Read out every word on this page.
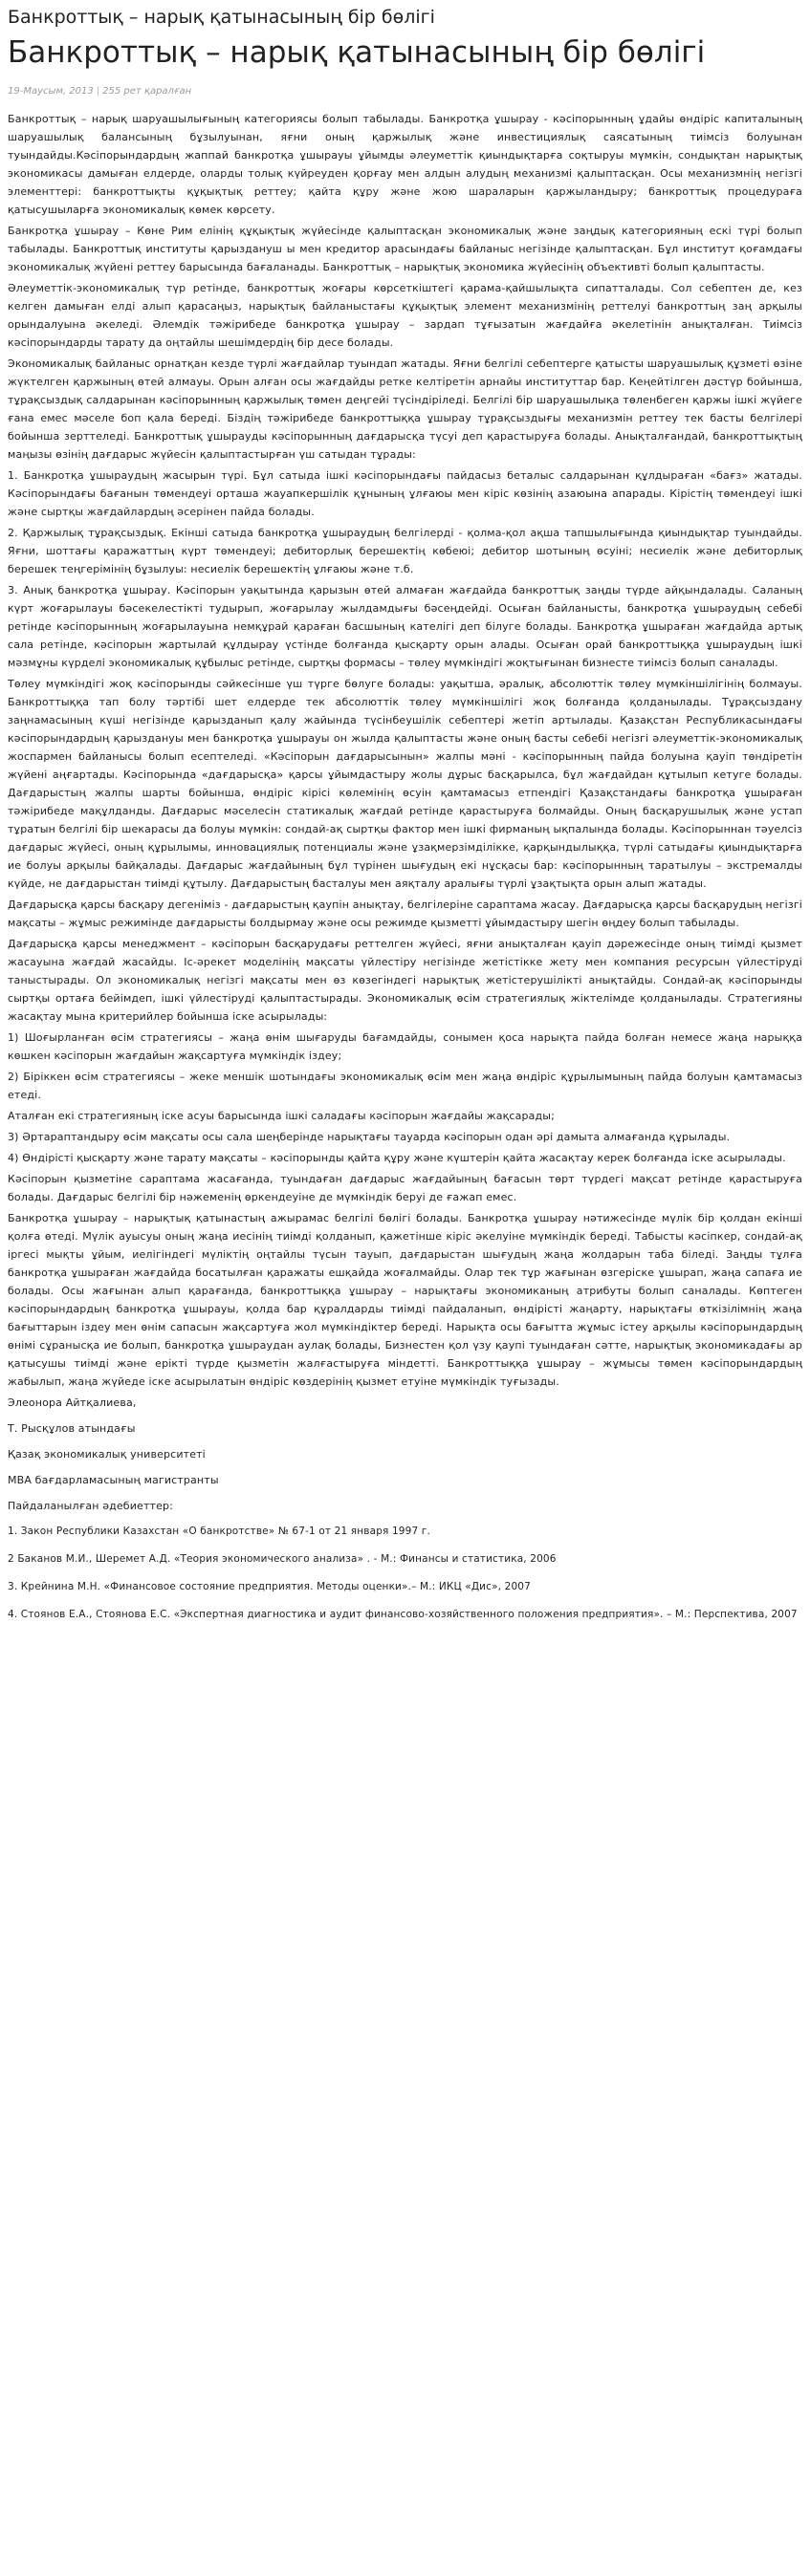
Банкроттық – нарық қатынасының бір бөлігі
Банкроттық – нарық қатынасының бір бөлігі
19-Маусым, 2013 | 255 рет қаралған

Банкроттық – нарық шаруашылығының категориясы болып табылады. Банкротқа ұшырау - кәсіпорынның ұдайы өндіріс капиталының шаруашылық балансының бұзылуынан, яғни оның қаржылық және инвестициялық саясатының тиімсіз болуынан туындайды.Кәсіпорындардың жаппай банкротқа ұшырауы ұйымды әлеуметтік қиындықтарға соқтыруы мүмкін, сондықтан нарықтық экономикасы дамыған елдерде, оларды толық күйреуден қорғау мен алдын алудың механизмі қалыптасқан. Осы механизмнің негізгі элементтері: банкроттықты құқықтық реттеу; қайта құру және жою шараларын қаржыландыру; банкроттық процедураға қатысушыларға экономикалық көмек көрсету.

Банкротқа ұшырау – Көне Рим елінің құқықтық жүйесінде қалыптасқан экономикалық және заңдық категорияның ескі түрі болып табылады. Банкроттық институты қарыздануш ы мен кредитор арасындағы байланыс негізінде қалыптасқан. Бұл институт қоғамдағы экономикалық жүйені реттеу барысында бағаланады. Банкроттық – нарықтық экономика жүйесінің объективті болып қалыптасты.

Әлеуметтік-экономикалық түр ретінде, банкроттық жоғары көрсеткіштегі қарама-қайшылықта сипатталады. Сол себептен де, кез келген дамыған елді алып қарасаңыз, нарықтық байланыстағы құқықтық элемент механизмінің реттелуі банкроттың заң арқылы орындалуына әкеледі. Әлемдік тәжірибеде банкротқа ұшырау – зардап тұғызатын жағдайға әкелетінін анықталған. Тиімсіз кәсіпорындарды тарату да оңтайлы шешімдердің бір десе болады.

Экономикалық байланыс орнатқан кезде түрлі жағдайлар туындап жатады. Яғни белгілі себептерге қатысты шаруашылық құзметі өзіне жүктелген қаржының өтей алмауы. Орын алған осы жағдайды ретке келтіретін арнайы институттар бар. Кеңейтілген дәстүр бойынша, тұрақсыздық салдарынан кәсіпорынның қаржылық төмен деңгейі түсіндіріледі. Белгілі бір шаруашылықа төленбеген қаржы ішкі жүйеге ғана емес мәселе боп қала береді. Біздің тәжірибеде банкроттыққа ұшырау тұрақсыздығы механизмін реттеу тек басты белгілері бойынша зерттеледі. Банкроттық ұшырауды кәсіпорынның дағдарысқа түсуі деп қарастыруға болады. Анықталғандай, банкроттықтың маңызы өзінің дағдарыс жүйесін қалыптастырған үш сатыдан тұрады:

1. Банкротқа ұшыраудың жасырын түрі. Бұл сатыда ішкі кәсіпорындағы пайдасыз беталыс салдарынан құлдыраған «бағз» жатады. Кәсіпорындағы бағанын төмендеуі орташа жауапкершілік құнының ұлғаюы мен кіріс көзінің азаюына апарады. Кірістің төмендеуі ішкі және сыртқы жағдайлардың әсерінен пайда болады.

2. Қаржылық тұрақсыздық. Екінші сатыда банкротқа ұшыраудың белгілерді - қолма-қол ақша тапшылығында қиындықтар туындайды. Яғни, шоттағы қаражаттың күрт төмендеуі; дебиторлық берешектің көбеюі; дебитор шотының өсуіні; несиелік және дебиторлық берешек теңгерімінің бұзылуы: несиелік берешектің ұлғаюы және т.б.

3. Анық банкротқа ұшырау. Кәсіпорын уақытында қарызын өтей алмаған жағдайда банкроттық заңды түрде айқындалады. Саланың күрт жоғарылауы бәсекелестікті тудырып, жоғарылау жылдамдығы бәсеңдейді. Осыған байланысты, банкротқа ұшыраудың себебі ретінде кәсіпорынның жоғарылауына немқұрай қараған басшының кателігі деп білуге болады. Банкротқа ұшыраған жағдайда артық сала ретінде, кәсіпорын жартылай құлдырау үстінде болғанда қысқарту орын алады. Осыған орай банкроттыққа ұшыраудың ішкі мәзмұны күрделі экономикалық құбылыс ретінде, сыртқы формасы – төлеу мүмкіндігі жоқтығынан бизнесте тиімсіз болып саналады.

Төлеу мүмкіндігі жоқ кәсіпорынды сәйкесінше үш түрге бөлуге болады: уақытша, әралық, абсолюттік төлеу мүмкіншілігінің болмауы. Банкроттыққа тап болу тәртібі шет елдерде тек абсолюттік төлеу мүмкіншілігі жоқ болғанда қолданылады. Тұрақсыздану заңнамасының күші негізінде қарызданып қалу жайында түсінбеушілік себептері жетіп артылады. Қазақстан Республикасындағы кәсіпорындардың қарыздануы мен банкротқа ұшырауы он жылда қалыптасты және оның басты себебі негізгі әлеуметтік-экономикалық жоспармен байланысы болып есептеледі. «Кәсіпорын дағдарысынын» жалпы мәні - кәсіпорынның пайда болуына қауіп төндіретін жүйені аңғартады. Кәсіпорында «дағдарысқа» қарсы ұйымдастыру жолы дұрыс басқарылса, бұл жағдайдан құтылып кетуге болады. Дағдарыстың жалпы шарты бойынша, өндіріс кірісі көлемінің өсуін қамтамасыз етпендігі Қазақстандағы банкротқа ұшыраған тәжірибеде мақұлданды. Дағдарыс мәселесін статикалық жағдай ретінде қарастыруға болмайды. Оның басқарушылық және устап тұратын белгілі бір шекарасы да болуы мүмкін: сондай-ақ сыртқы фактор мен ішкі фирманың ықпалында болады. Кәсіпорыннан тәуелсіз дағдарыс жүйесі, оның құрылымы, инновациялық потенциалы және ұзақмерзімділікке, қарқындылыққа, түрлі сатыдағы қиындықтарға ие болуы арқылы байқалады. Дағдарыс жағдайының бұл түрінен шығудың екі нұсқасы бар: кәсіпорынның таратылуы – экстремалды күйде, не дағдарыстан тиімді құтылу. Дағдарыстың басталуы мен аяқталу аралығы түрлі ұзақтықта орын алып жатады.

Дағдарысқа қарсы басқару дегеніміз - дағдарыстың қаупін анықтау, белгілеріне сараптама жасау. Дағдарысқа қарсы басқарудың негізгі мақсаты – жұмыс режимінде дағдарысты болдырмау және осы режимде қызметті ұйымдастыру шегін өңдеу болып табылады.

Дағдарысқа қарсы менеджмент – кәсіпорын басқарудағы реттелген жүйесі, яғни анықталған қауіп дәрежесінде оның тиімді қызмет жасауына жағдай жасайды. Іс-әрекет моделінің мақсаты үйлестіру негізінде жетістікке жету мен компания ресурсын үйлестіруді таныстырады. Ол экономикалық негізгі мақсаты мен өз көзегіндегі нарықтық жетістерушілікті анықтайды. Сондай-ақ кәсіпорынды сыртқы ортаға бейімдеп, ішкі үйлестіруді қалыптастырады. Экономикалық өсім стратегиялық жіктелімде қолданылады. Стратегияны жасақтау мына критерийлер бойынша іске асырылады:

1) Шоғырланған өсім стратегиясы – жаңа өнім шығаруды бағамдайды, сонымен қоса нарықта пайда болған немесе жаңа нарыққа көшкен кәсіпорын жағдайын жақсартуға мүмкіндік іздеу;

2) Біріккен өсім стратегиясы – жеке меншік шотындағы экономикалық өсім мен жаңа өндіріс құрылымының пайда болуын қамтамасыз етеді.

Аталған екі стратегияның іске асуы барысында ішкі саладағы кәсіпорын жағдайы жақсарады;

3) Әртараптандыру өсім мақсаты осы сала шеңберінде нарықтағы тауарда кәсіпорын одан әрі дамыта алмағанда құрылады.

4) Өндірісті қысқарту және тарату мақсаты – кәсіпорынды қайта құру және күштерін қайта жасақтау керек болғанда іске асырылады.

Кәсіпорын қызметіне сараптама жасағанда, туындаған дағдарыс жағдайының бағасын төрт түрдегі мақсат ретінде қарастыруға болады. Дағдарыс белгілі бір нәжеменің өркендеуіне де мүмкіндік беруі де ғажап емес.

Банкротқа ұшырау – нарықтық қатынастың ажырамас белгілі бөлігі болады. Банкротқа ұшырау нәтижесінде мүлік бір қолдан екінші қолға өтеді. Мүлік ауысуы оның жаңа иесінің тиімді қолданып, қажетінше кіріс әкелуіне мүмкіндік береді. Табысты кәсіпкер, сондай-ақ іргесі мықты ұйым, иелігіндегі мүліктің оңтайлы түсын тауып, дағдарыстан шығудың жаңа жолдарын таба біледі. Заңды тұлға банкротқа ұшыраған жағдайда босатылған қаражаты ешқайда жоғалмайды. Олар тек тұр жағынан өзгеріске ұшырап, жаңа сапаға ие болады. Осы жағынан алып қарағанда, банкроттыққа ұшырау – нарықтағы экономиканың атрибуты болып саналады. Көптеген кәсіпорындардың банкротқа ұшырауы, қолда бар құралдарды тиімді пайдаланып, өндірісті жаңарту, нарықтағы өткізілімнің жаңа бағыттарын іздеу мен өнім сапасын жақсартуға жол мүмкіндіктер береді. Нарықта осы бағытта жұмыс істеу арқылы кәсіпорындардың өнімі сұранысқа ие болып, банкротқа ұшыраудан аулақ болады, Бизнестен қол үзу қаупі туындаған сәтте, нарықтық экономикадағы ар қатысушы тиімді және ерікті түрде қызметін жалғастыруға міндетті. Банкроттыққа ұшырау – жұмысы төмен кәсіпорындардың жабылып, жаңа жүйеде іске асырылатын өндіріс көздерінің қызмет етуіне мүмкіндік туғызады.

Элеонора Айтқалиева,

Т. Рысқұлов атындағы

Қазақ экономикалық университеті

MBA бағдарламасының магистранты

Пайдаланылған әдебиеттер:

1. Закон Республики Казахстан «О банкротстве» № 67-1 от 21 января 1997 г.

2 Баканов М.И., Шеремет А.Д. «Теория экономического анализа» . - М.: Финансы и статистика, 2006

3. Крейнина М.Н. «Финансовое состояние предприятия. Методы оценки».– М.: ИКЦ «Дис», 2007

4. Стоянов Е.А., Стоянова Е.С. «Экспертная диагностика и аудит финансово-хозяйственного положения предприятия». – М.: Перспектива, 2007
